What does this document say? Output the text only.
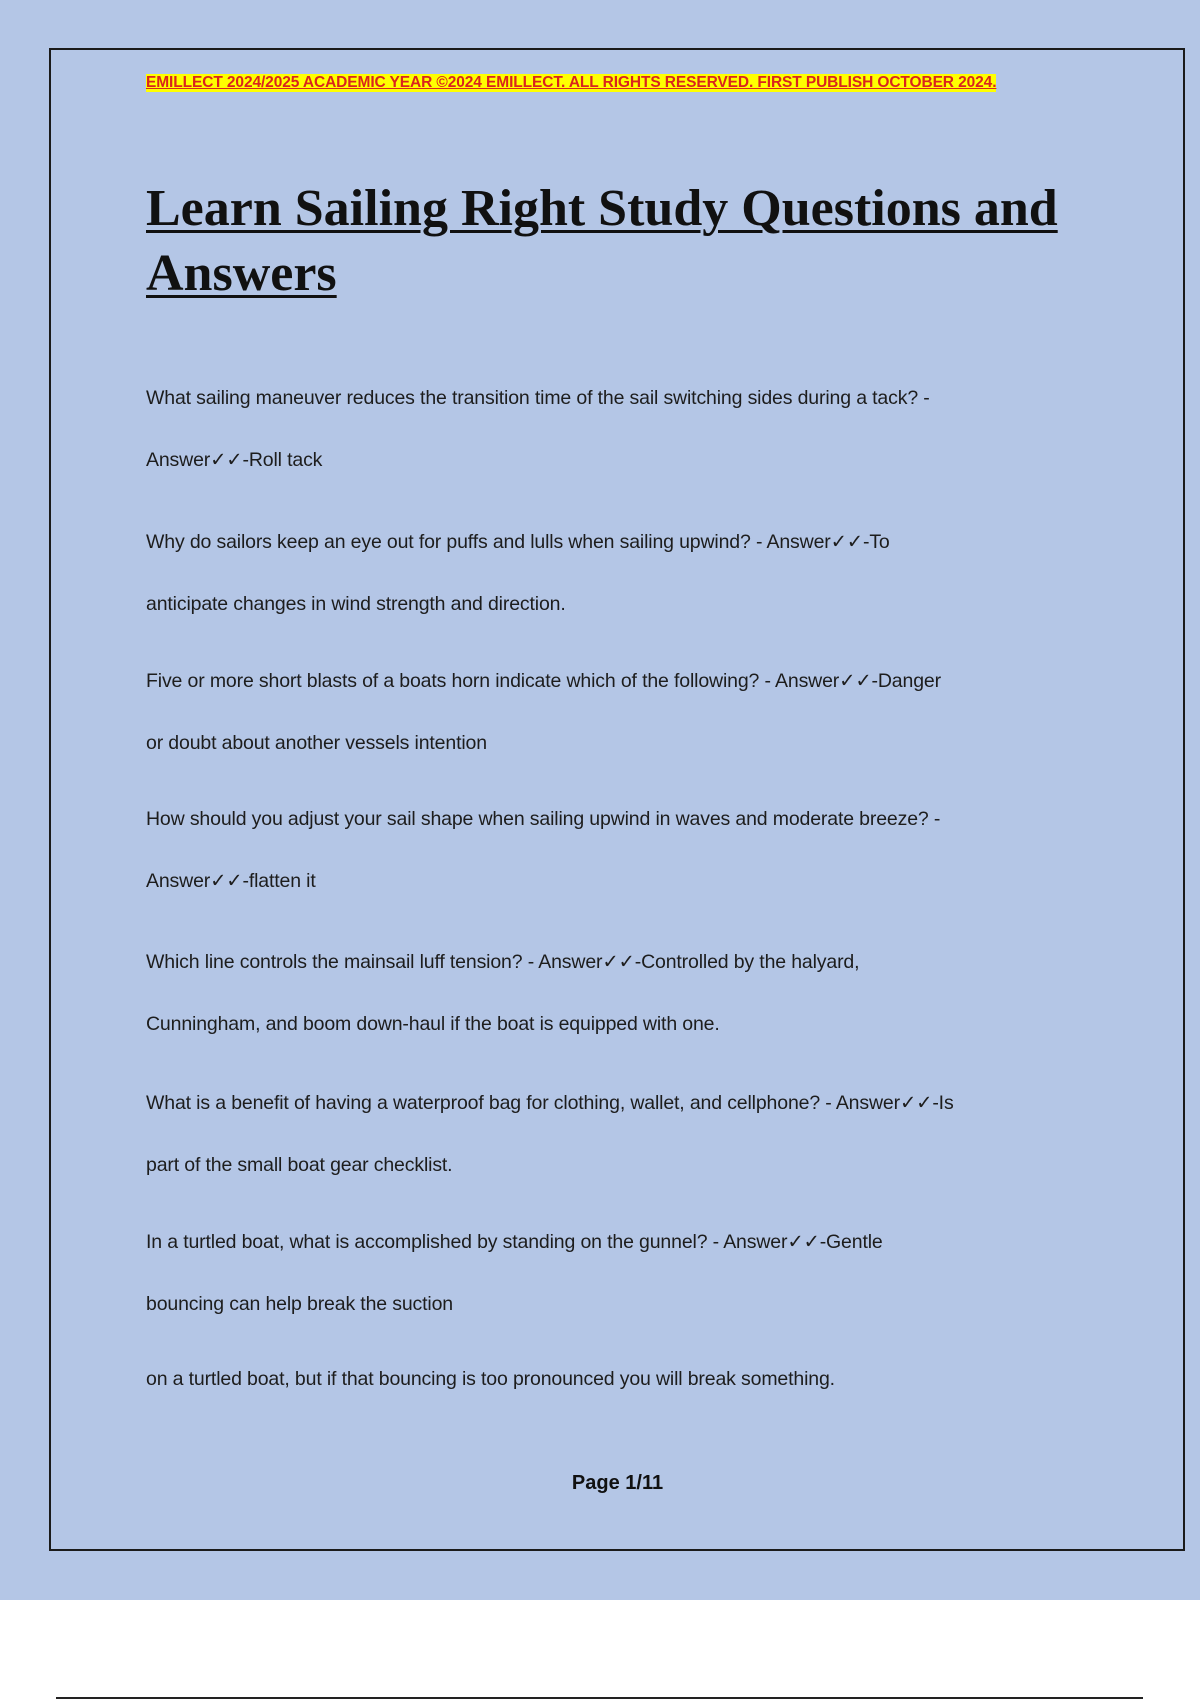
EMILLECT 2024/2025 ACADEMIC YEAR ©2024 EMILLECT. ALL RIGHTS RESERVED. FIRST PUBLISH OCTOBER 2024.
Learn Sailing Right Study Questions and Answers
What sailing maneuver reduces the transition time of the sail switching sides during a tack? -
Answer✓✓-Roll tack
Why do sailors keep an eye out for puffs and lulls when sailing upwind? - Answer✓✓-To
anticipate changes in wind strength and direction.
Five or more short blasts of a boats horn indicate which of the following? - Answer✓✓-Danger
or doubt about another vessels intention
How should you adjust your sail shape when sailing upwind in waves and moderate breeze? -
Answer✓✓-flatten it
Which line controls the mainsail luff tension? - Answer✓✓-Controlled by the halyard,
Cunningham, and boom down-haul if the boat is equipped with one.
What is a benefit of having a waterproof bag for clothing, wallet, and cellphone? - Answer✓✓-Is
part of the small boat gear checklist.
In a turtled boat, what is accomplished by standing on the gunnel? - Answer✓✓-Gentle
bouncing can help break the suction
on a turtled boat, but if that bouncing is too pronounced you will break something.
Page 1/11
